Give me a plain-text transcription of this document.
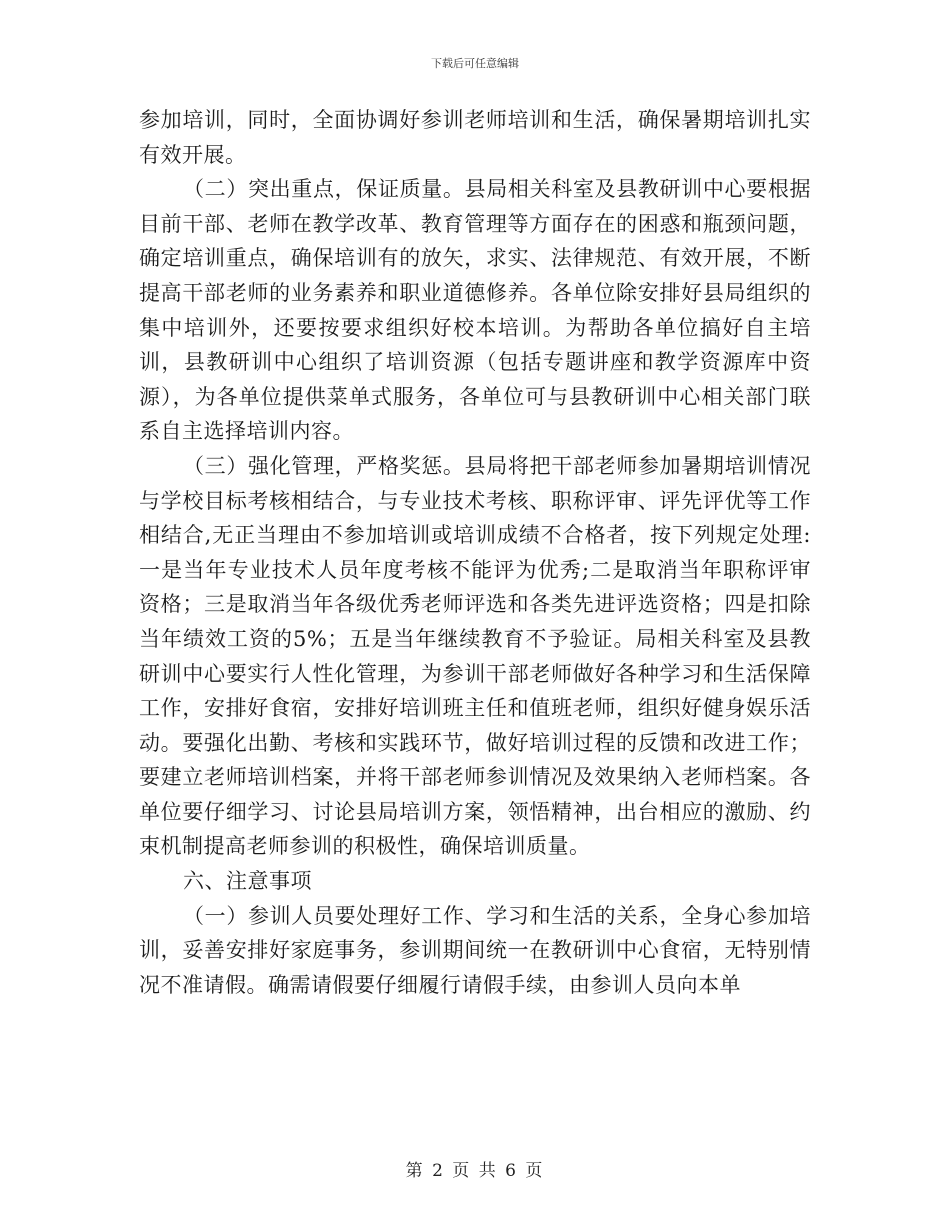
下载后可任意编辑

参加培训，同时，全面协调好参训老师培训和生活，确保暑期培训扎实有效开展。

（二）突出重点，保证质量。县局相关科室及县教研训中心要根据目前干部、老师在教学改革、教育管理等方面存在的困惑和瓶颈问题，确定培训重点，确保培训有的放矢，求实、法律规范、有效开展，不断提高干部老师的业务素养和职业道德修养。各单位除安排好县局组织的集中培训外，还要按要求组织好校本培训。为帮助各单位搞好自主培训，县教研训中心组织了培训资源（包括专题讲座和教学资源库中资源），为各单位提供菜单式服务，各单位可与县教研训中心相关部门联系自主选择培训内容。

（三）强化管理，严格奖惩。县局将把干部老师参加暑期培训情况与学校目标考核相结合，与专业技术考核、职称评审、评先评优等工作相结合,无正当理由不参加培训或培训成绩不合格者，按下列规定处理:一是当年专业技术人员年度考核不能评为优秀;二是取消当年职称评审资格；三是取消当年各级优秀老师评选和各类先进评选资格；四是扣除当年绩效工资的5%；五是当年继续教育不予验证。局相关科室及县教研训中心要实行人性化管理，为参训干部老师做好各种学习和生活保障工作，安排好食宿，安排好培训班主任和值班老师，组织好健身娱乐活动。要强化出勤、考核和实践环节，做好培训过程的反馈和改进工作；要建立老师培训档案，并将干部老师参训情况及效果纳入老师档案。各单位要仔细学习、讨论县局培训方案，领悟精神，出台相应的激励、约束机制提高老师参训的积极性，确保培训质量。

六、注意事项

（一）参训人员要处理好工作、学习和生活的关系，全身心参加培训，妥善安排好家庭事务，参训期间统一在教研训中心食宿，无特别情况不准请假。确需请假要仔细履行请假手续，由参训人员向本单

第 2 页 共 6 页
